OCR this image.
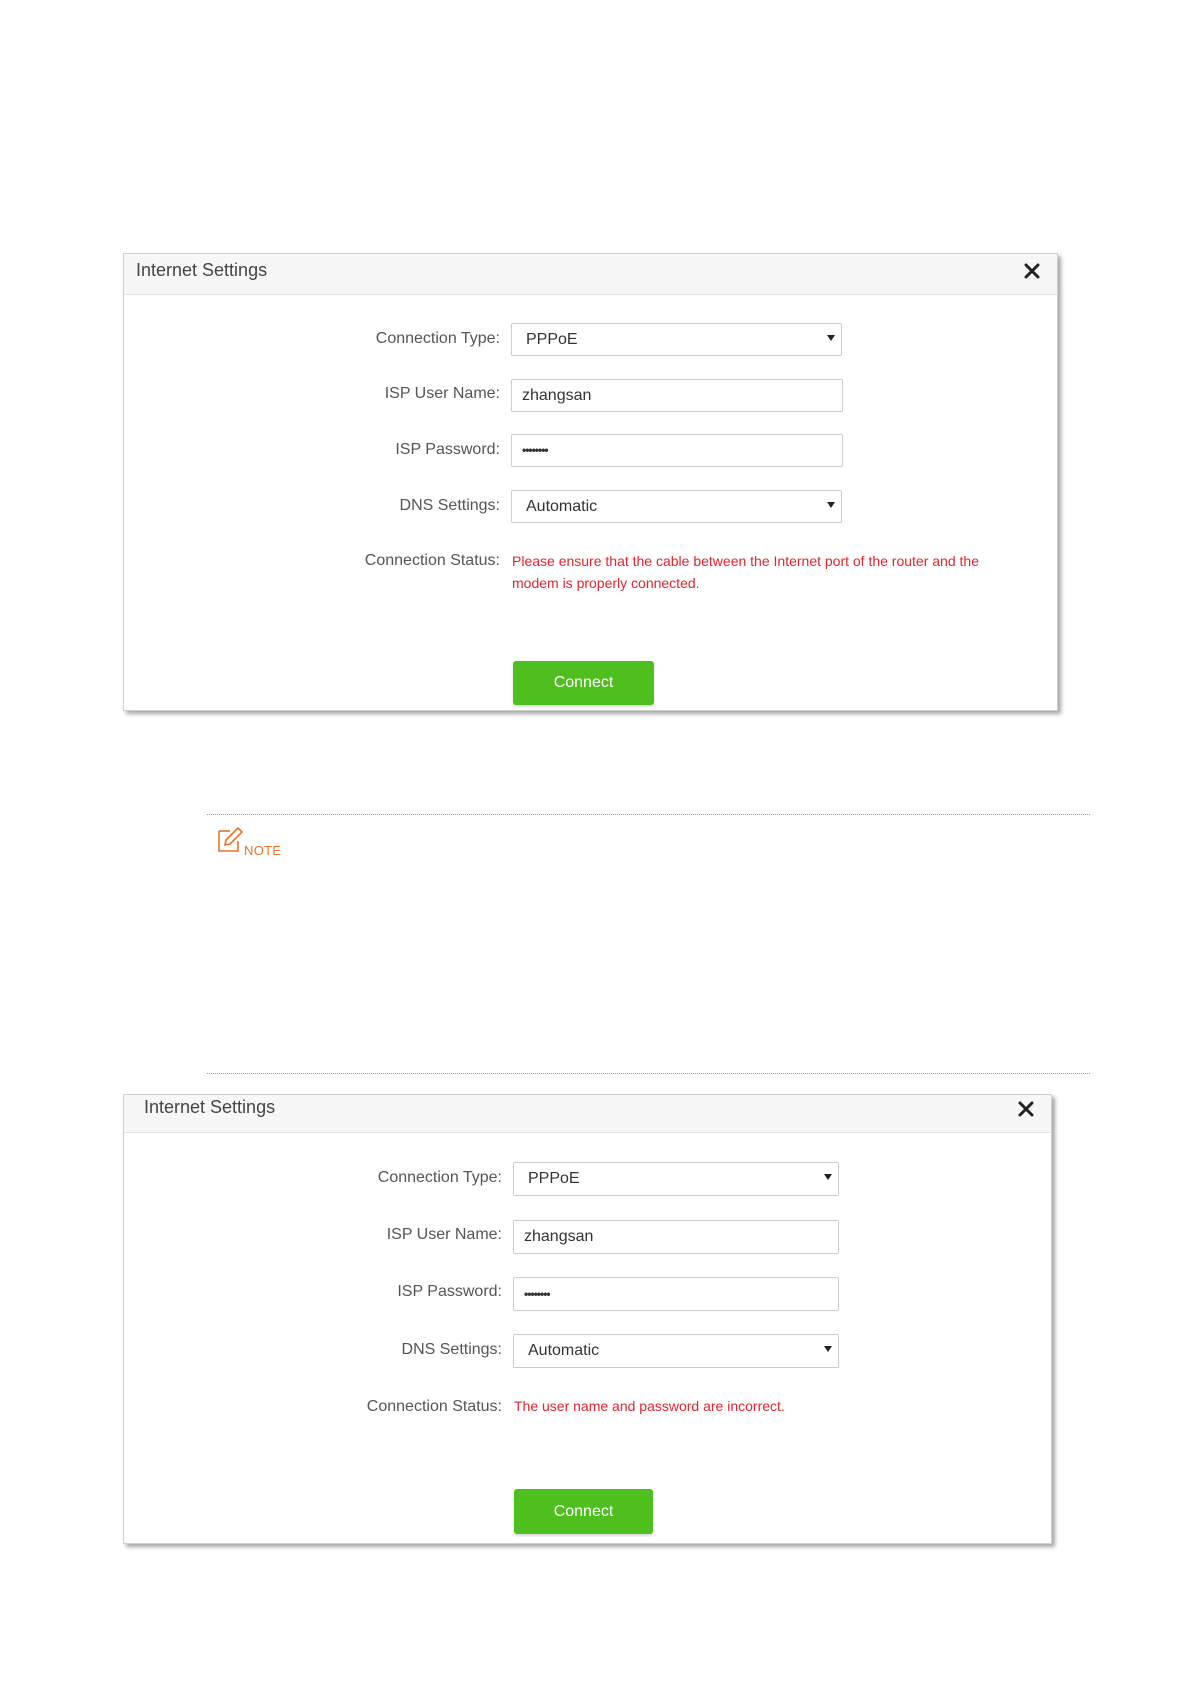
Internet Settings
Connection Type: PPPoE
ISP User Name:	zhangsan
ISP Password:	••••••••
DNS Settings: Automatic
Connection Status: Please ensure that the cable between the Internet port of the router and the
modem is properly connected.
Connect
NOTE
Internet Settings
Connection Type: PPPoE
ISP User Name:	zhangsan
ISP Password:	••••••••
DNS Settings: Automatic
Connection Status: The user name and password are incorrect.
Connect
